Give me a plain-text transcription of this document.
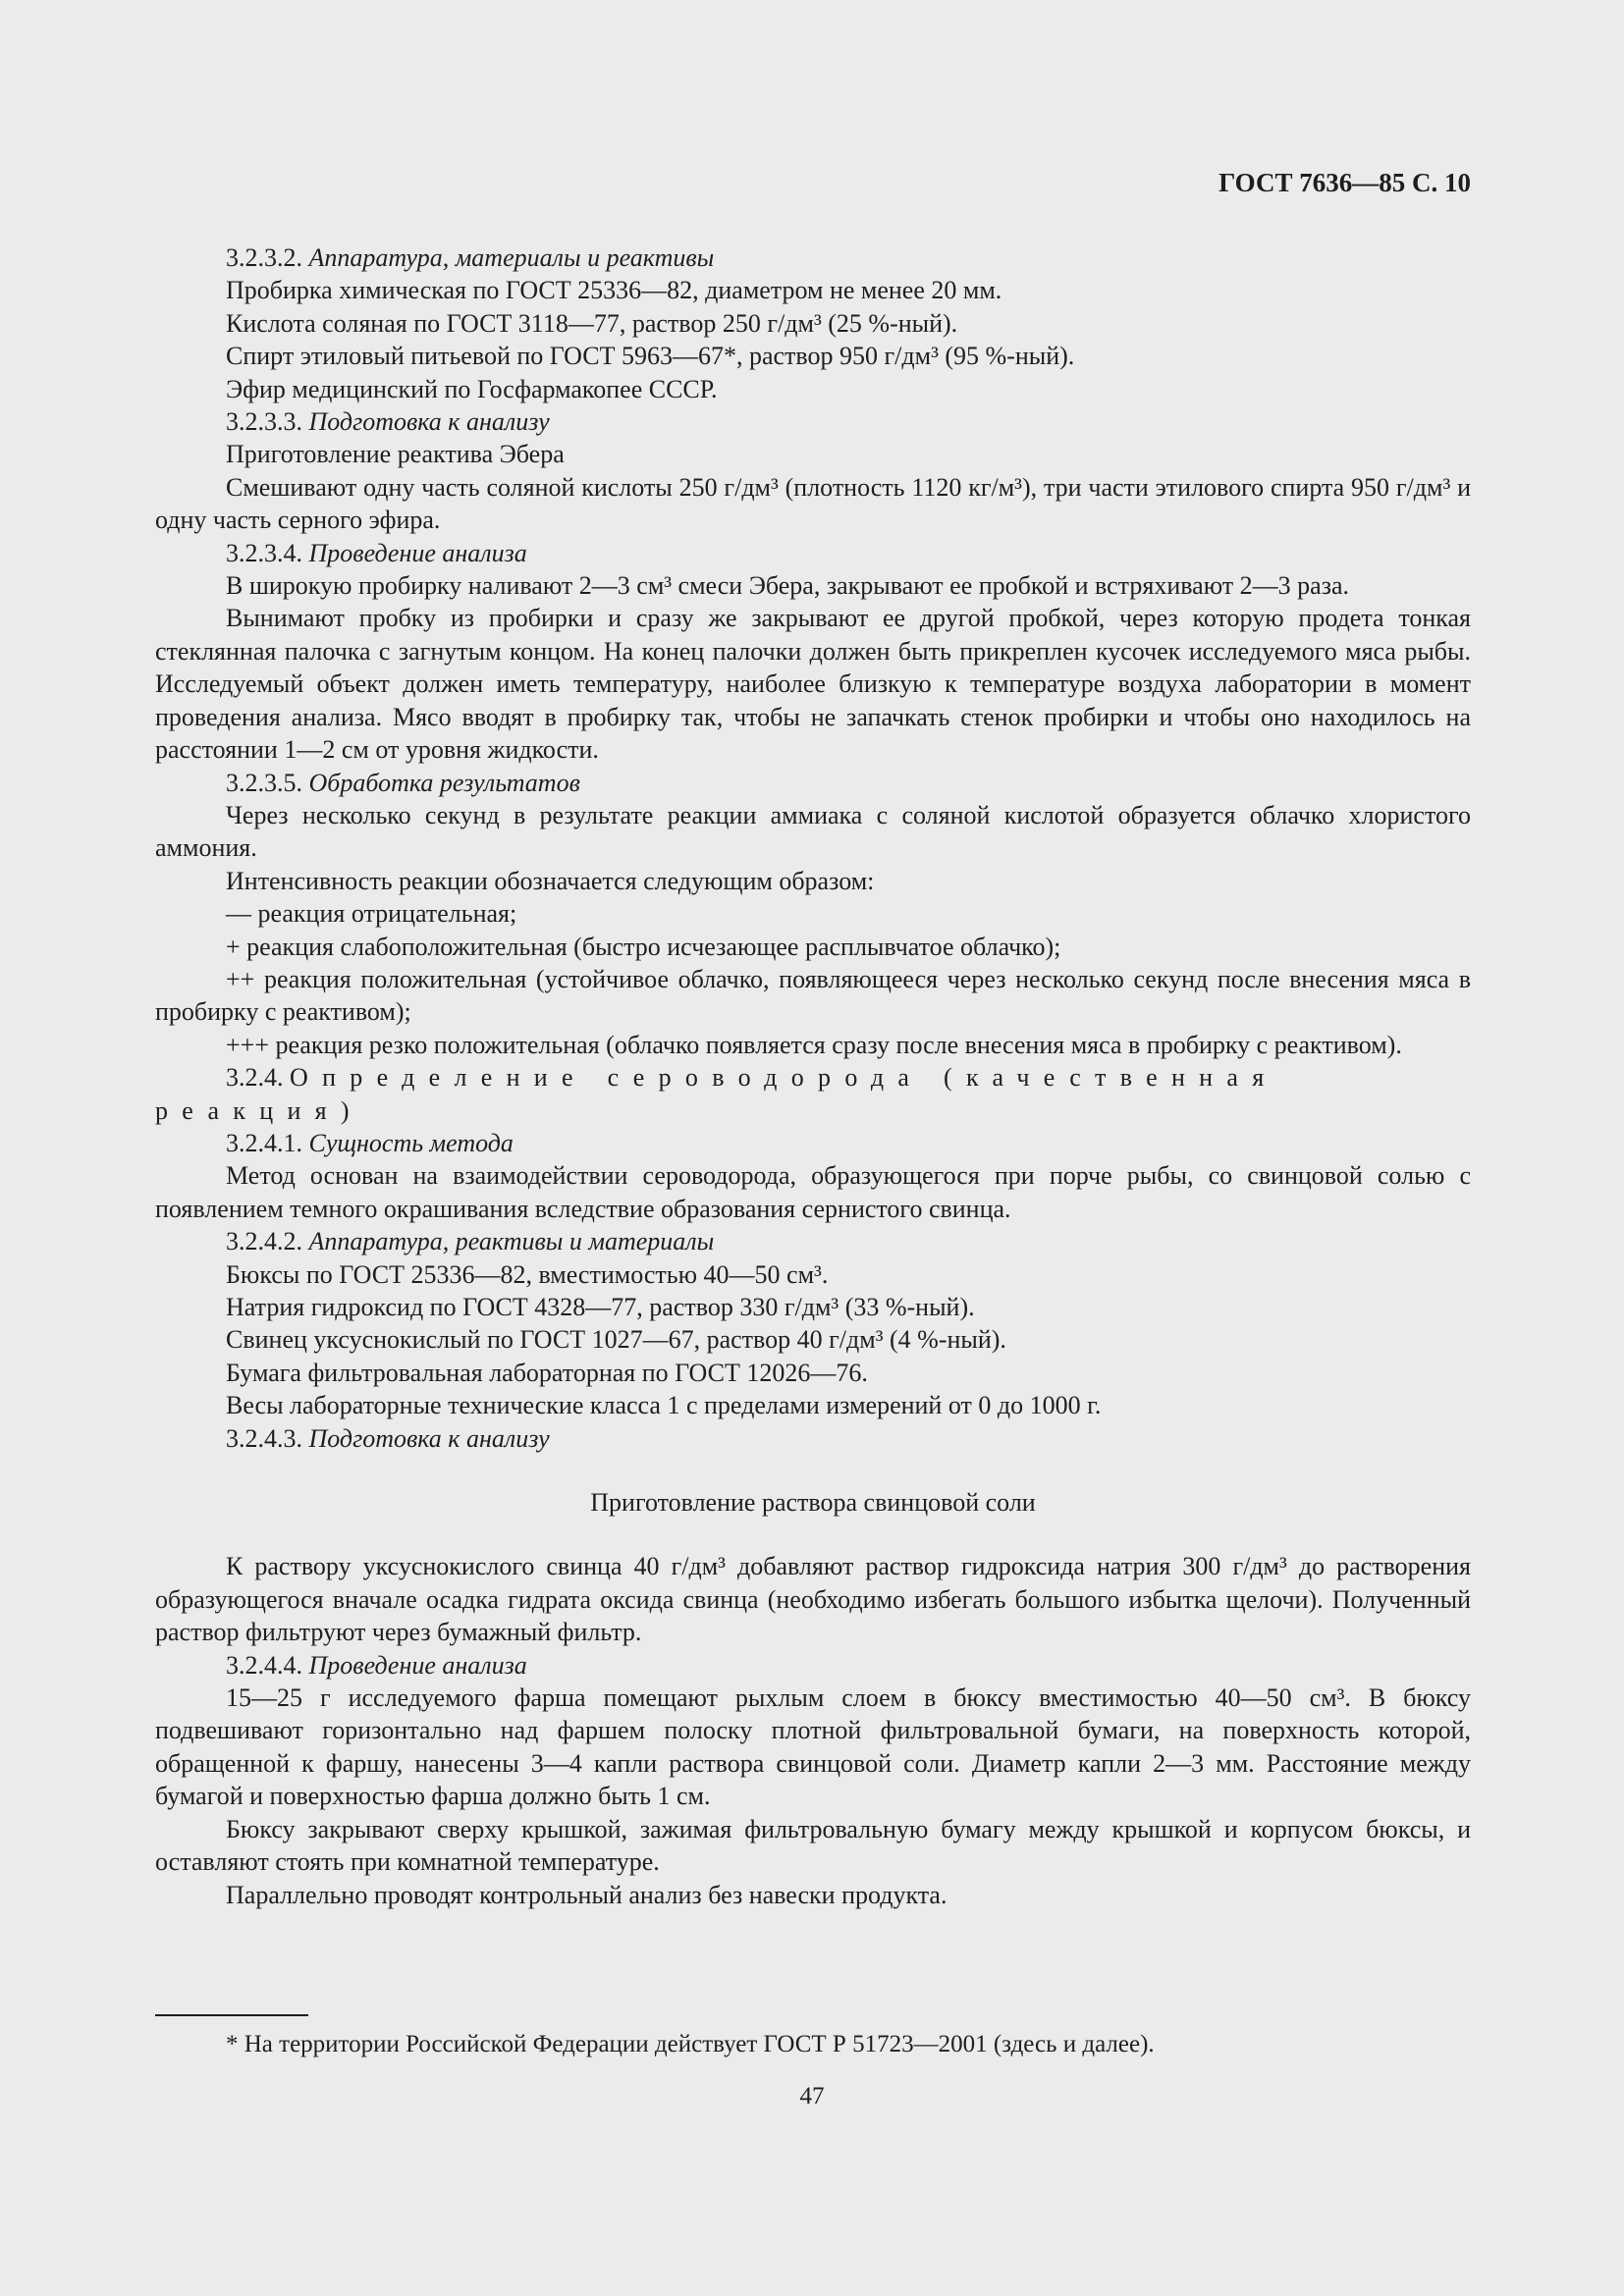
ГОСТ 7636—85 С. 10

3.2.3.2. Аппаратура, материалы и реактивы

Пробирка химическая по ГОСТ 25336—82, диаметром не менее 20 мм.

Кислота соляная по ГОСТ 3118—77, раствор 250 г/дм³ (25 %-ный).

Спирт этиловый питьевой по ГОСТ 5963—67*, раствор 950 г/дм³ (95 %-ный).

Эфир медицинский по Госфармакопее СССР.

3.2.3.3. Подготовка к анализу

Приготовление реактива Эбера

Смешивают одну часть соляной кислоты 250 г/дм³ (плотность 1120 кг/м³), три части этилового спирта 950 г/дм³ и одну часть серного эфира.

3.2.3.4. Проведение анализа

В широкую пробирку наливают 2—3 см³ смеси Эбера, закрывают ее пробкой и встряхивают 2—3 раза.

Вынимают пробку из пробирки и сразу же закрывают ее другой пробкой, через которую продета тонкая стеклянная палочка с загнутым концом. На конец палочки должен быть прикреплен кусочек исследуемого мяса рыбы. Исследуемый объект должен иметь температуру, наиболее близкую к температуре воздуха лаборатории в момент проведения анализа. Мясо вводят в пробирку так, чтобы не запачкать стенок пробирки и чтобы оно находилось на расстоянии 1—2 см от уровня жидкости.

3.2.3.5. Обработка результатов

Через несколько секунд в результате реакции аммиака с соляной кислотой образуется облачко хлористого аммония.

Интенсивность реакции обозначается следующим образом:

— реакция отрицательная;

+ реакция слабоположительная (быстро исчезающее расплывчатое облачко);

++ реакция положительная (устойчивое облачко, появляющееся через несколько секунд после внесения мяса в пробирку с реактивом);

+++ реакция резко положительная (облачко появляется сразу после внесения мяса в пробирку с реактивом).

3.2.4. Определение сероводорода (качественная реакция)

3.2.4.1. Сущность метода

Метод основан на взаимодействии сероводорода, образующегося при порче рыбы, со свинцовой солью с появлением темного окрашивания вследствие образования сернистого свинца.

3.2.4.2. Аппаратура, реактивы и материалы

Бюксы по ГОСТ 25336—82, вместимостью 40—50 см³.

Натрия гидроксид по ГОСТ 4328—77, раствор 330 г/дм³ (33 %-ный).

Свинец уксуснокислый по ГОСТ 1027—67, раствор 40 г/дм³ (4 %-ный).

Бумага фильтровальная лабораторная по ГОСТ 12026—76.

Весы лабораторные технические класса 1 с пределами измерений от 0 до 1000 г.

3.2.4.3. Подготовка к анализу

Приготовление раствора свинцовой соли

К раствору уксуснокислого свинца 40 г/дм³ добавляют раствор гидроксида натрия 300 г/дм³ до растворения образующегося вначале осадка гидрата оксида свинца (необходимо избегать большого избытка щелочи). Полученный раствор фильтруют через бумажный фильтр.

3.2.4.4. Проведение анализа

15—25 г исследуемого фарша помещают рыхлым слоем в бюксу вместимостью 40—50 см³. В бюксу подвешивают горизонтально над фаршем полоску плотной фильтровальной бумаги, на поверхность которой, обращенной к фаршу, нанесены 3—4 капли раствора свинцовой соли. Диаметр капли 2—3 мм. Расстояние между бумагой и поверхностью фарша должно быть 1 см.

Бюксу закрывают сверху крышкой, зажимая фильтровальную бумагу между крышкой и корпусом бюксы, и оставляют стоять при комнатной температуре.

Параллельно проводят контрольный анализ без навески продукта.

* На территории Российской Федерации действует ГОСТ Р 51723—2001 (здесь и далее).
47
